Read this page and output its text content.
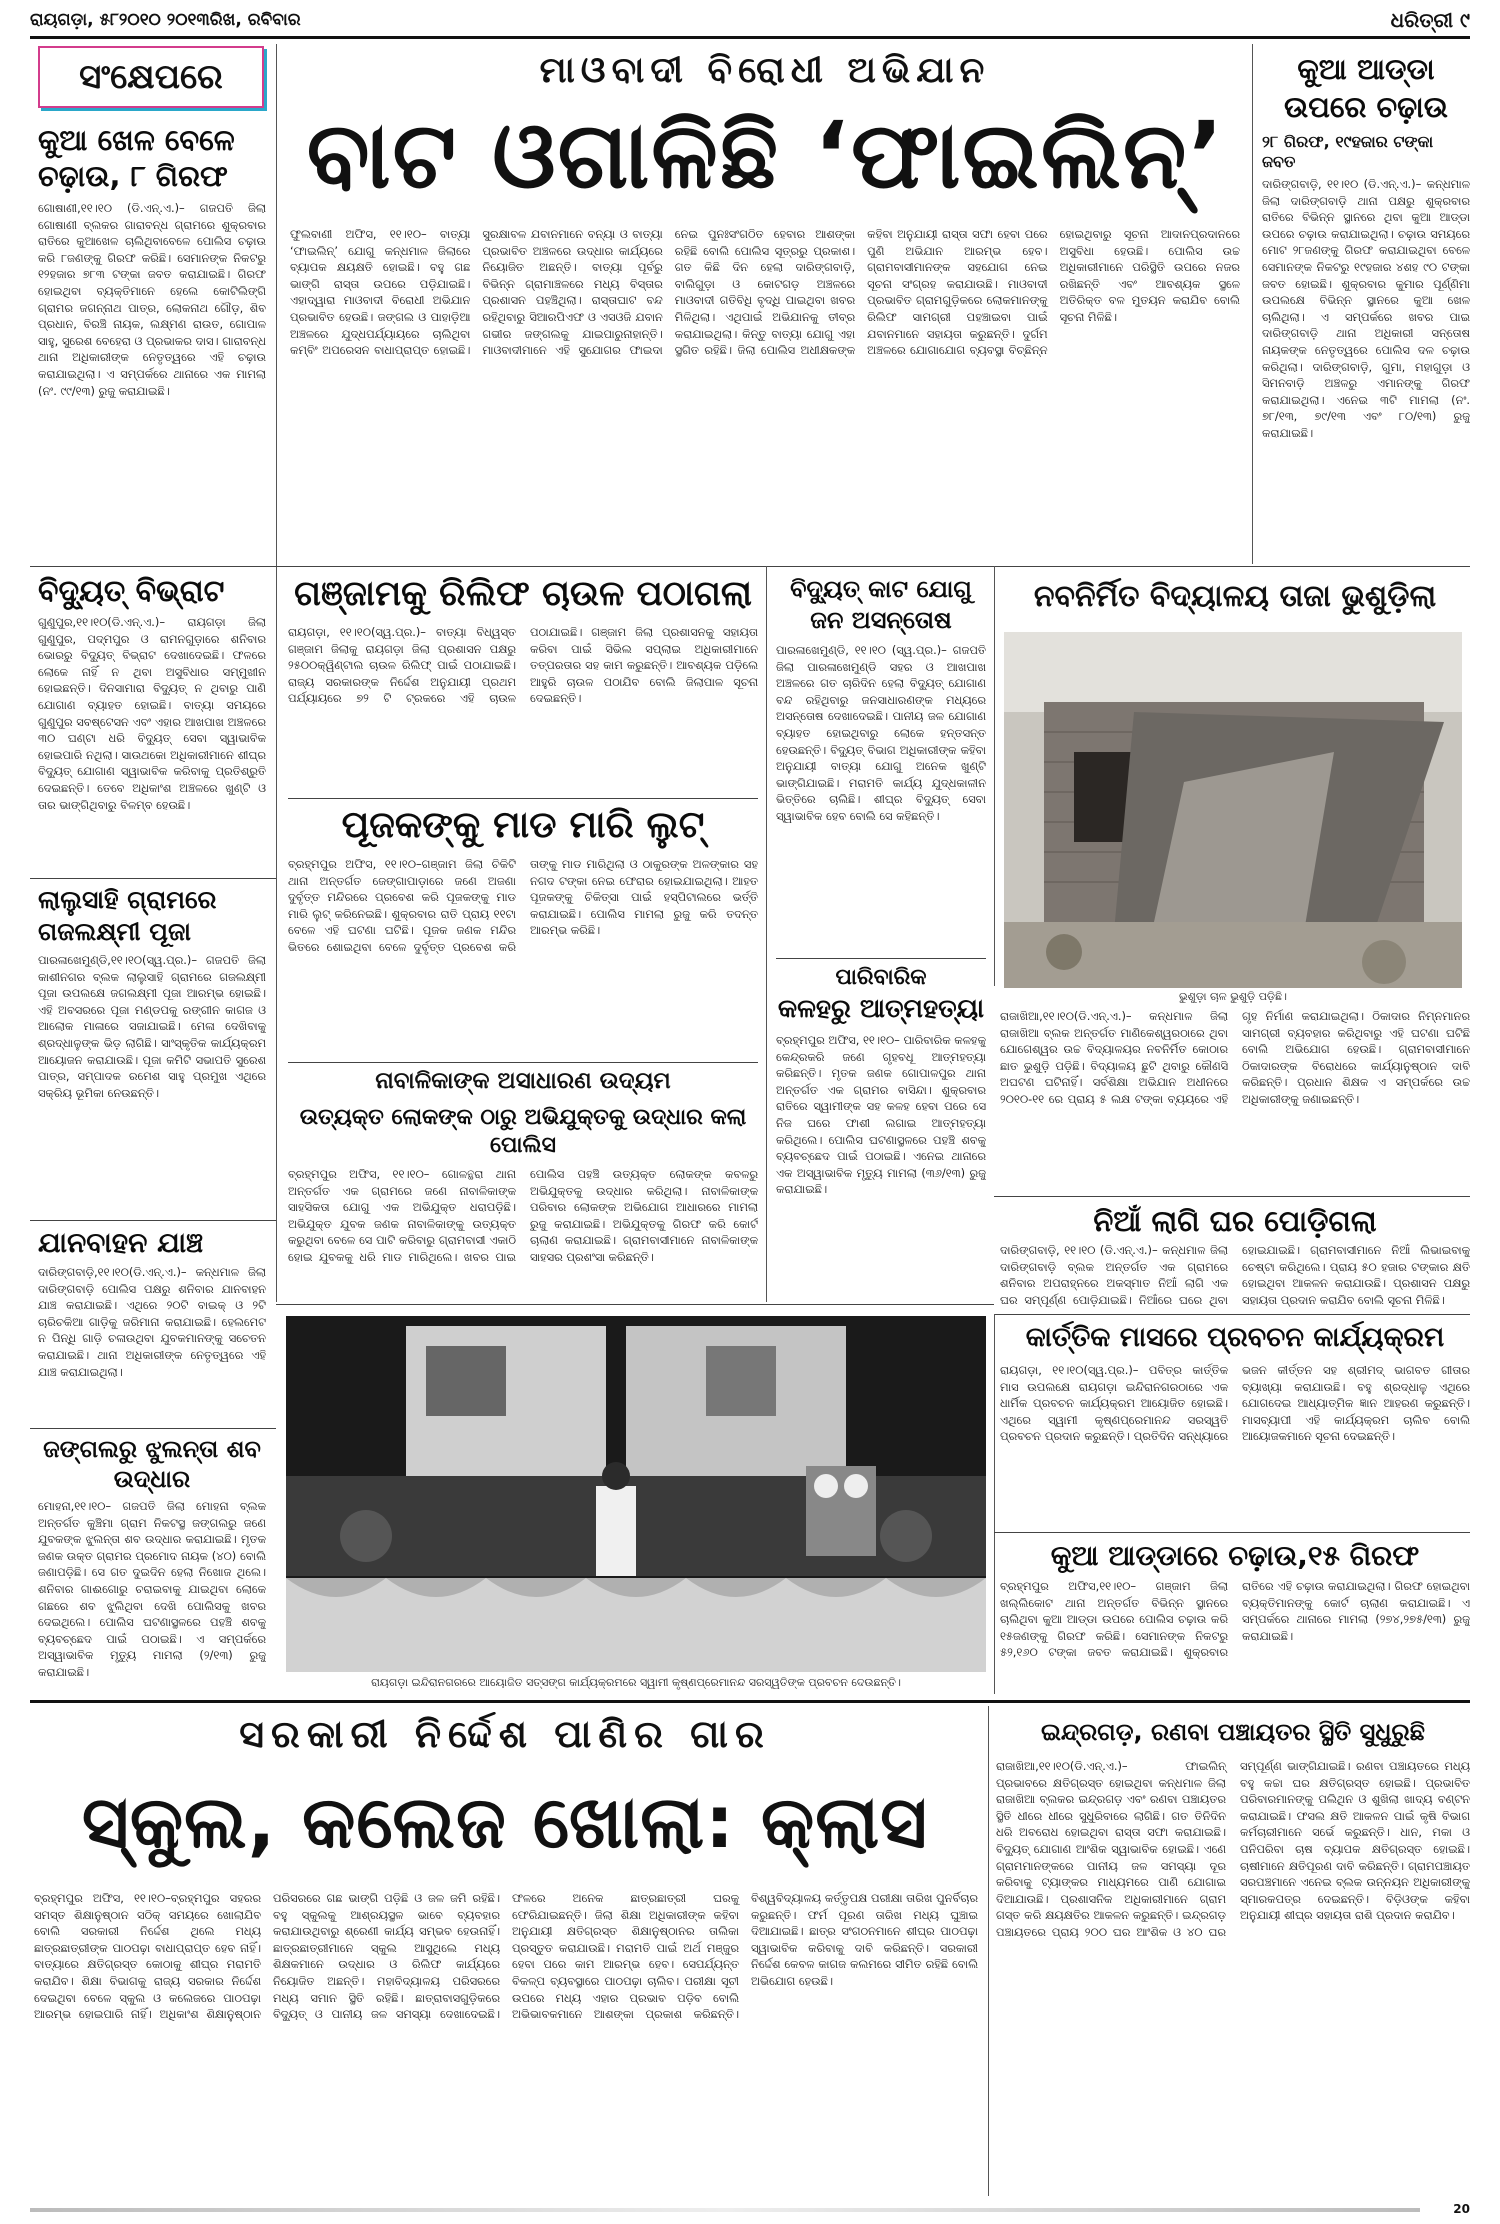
ରାୟଗଡ଼ା, ୫୮୨୦୧୦ ୨୦୧୩ରିଖ, ରବିବାର	ଧରିତ୍ରୀ ୯
ସଂକ୍ଷେପରେ
କୁଆ ଖେଳ ବେଳେ ଚଢ଼ାଉ, ୮ ଗିରଫ

ଗୋଷାଣୀ,୧୧।୧୦ (ଡି.ଏନ୍.ଏ.)– ଗଜପତି ଜିଲା ଗୋଷାଣୀ ବ୍ଲକର ଗାରାବନ୍ଧ ଗ୍ରାମରେ ଶୁକ୍ରବାର ରାତିରେ କୁଆଖେଳ ଚାଲିଥିବାବେଳେ ପୋଲିସ ଚଢ଼ାଉ କରି ୮ଜଣଙ୍କୁ ଗିରଫ କରିଛି। ସେମାନଙ୍କ ନିକଟରୁ ୧୨ହଜାର ୭୮୩ ଟଙ୍କା ଜବତ କରାଯାଇଛି। ଗିରଫ ହୋଇଥିବା ବ୍ୟକ୍ତିମାନେ ହେଲେ କୋଟିଲିଙ୍ଗି ଗ୍ରାମର ଜଗନ୍ନାଥ ପାତ୍ର, ଲୋକନାଥ ଗୌଡ଼, ଶିବ ପ୍ରଧାନ, ବିରଞ୍ଚି ନାୟକ, ଲକ୍ଷ୍ମଣ ରାଉତ, ଗୋପାଳ ସାହୁ, ସୁରେଶ ବେହେରା ଓ ପ୍ରଭାକର ଦାସ। ଗାରାବନ୍ଧ ଥାନା ଅଧିକାରୀଙ୍କ ନେତୃତ୍ୱରେ ଏହି ଚଢ଼ାଉ କରାଯାଇଥିଲା। ଏ ସମ୍ପର୍କରେ ଥାନାରେ ଏକ ମାମଲା (ନଂ. ୯୯/୧୩) ରୁଜୁ କରାଯାଇଛି।

ମାଓବାଦୀ ବିରୋଧୀ ଅଭିଯାନ
ବାଟ ଓଗାଳିଛି ‘ଫାଇଲିନ୍’

ଫୁଲବାଣୀ ଅଫିସ, ୧୧।୧୦– ବାତ୍ୟା ‘ଫାଇଲିନ୍’ ଯୋଗୁ କନ୍ଧମାଳ ଜିଲାରେ ବ୍ୟାପକ କ୍ଷୟକ୍ଷତି ହୋଇଛି। ବହୁ ଗଛ ଭାଙ୍ଗି ରାସ୍ତା ଉପରେ ପଡ଼ିଯାଇଛି। ଏହାଦ୍ୱାରା ମାଓବାଦୀ ବିରୋଧୀ ଅଭିଯାନ ପ୍ରଭାବିତ ହେଉଛି। ଜଙ୍ଗଲ ଓ ପାହାଡ଼ିଆ ଅଞ୍ଚଳରେ ଯୁଦ୍ଧପର୍ଯ୍ୟାୟରେ ଚାଲିଥିବା କମ୍ବିଂ ଅପରେସନ ବାଧାପ୍ରାପ୍ତ ହୋଇଛି। ସୁରକ୍ଷାବଳ ଯବାନମାନେ ବନ୍ୟା ଓ ବାତ୍ୟା ପ୍ରଭାବିତ ଅଞ୍ଚଳରେ ଉଦ୍ଧାର କାର୍ଯ୍ୟରେ ନିୟୋଜିତ ଅଛନ୍ତି। ବାତ୍ୟା ପୂର୍ବରୁ ବିଭିନ୍ନ ଗ୍ରାମାଞ୍ଚଳରେ ମଧ୍ୟ ବିସ୍ତାର ପ୍ରଶାସନ ପହଞ୍ଚିଥିଲା। ରାସ୍ତାଘାଟ ବନ୍ଦ ରହିଥିବାରୁ ସିଆରପିଏଫ ଓ ଏସଓଜି ଯବାନ ଗଭୀର ଜଙ୍ଗଲକୁ ଯାଇପାରୁନାହାନ୍ତି। ମାଓବାଦୀମାନେ ଏହି ସୁଯୋଗର ଫାଇଦା ନେଇ ପୁନଃସଂଗଠିତ ହେବାର ଆଶଙ୍କା ରହିଛି ବୋଲି ପୋଲିସ ସୂତ୍ରରୁ ପ୍ରକାଶ। ଗତ କିଛି ଦିନ ହେଲା ଦାରିଙ୍ଗବାଡ଼ି, ବାଲିଗୁଡ଼ା ଓ କୋଟଗଡ଼ ଅଞ୍ଚଳରେ ମାଓବାଦୀ ଗତିବିଧି ବୃଦ୍ଧି ପାଇଥିବା ଖବର ମିଳିଥିଲା। ଏଥିପାଇଁ ଅଭିଯାନକୁ ତୀବ୍ର କରାଯାଇଥିଲା। କିନ୍ତୁ ବାତ୍ୟା ଯୋଗୁ ଏହା ସ୍ଥଗିତ ରହିଛି। ଜିଲା ପୋଲିସ ଅଧୀକ୍ଷକଙ୍କ କହିବା ଅନୁଯାୟୀ ରାସ୍ତା ସଫା ହେବା ପରେ ପୁଣି ଅଭିଯାନ ଆରମ୍ଭ ହେବ। ଗ୍ରାମବାସୀମାନଙ୍କ ସହଯୋଗ ନେଇ ସୂଚନା ସଂଗ୍ରହ କରାଯାଉଛି। ମାଓବାଦୀ ପ୍ରଭାବିତ ଗ୍ରାମଗୁଡ଼ିକରେ ଲୋକମାନଙ୍କୁ ରିଲିଫ ସାମଗ୍ରୀ ପହଞ୍ଚାଇବା ପାଇଁ ଯବାନମାନେ ସହାୟତା କରୁଛନ୍ତି। ଦୁର୍ଗମ ଅଞ୍ଚଳରେ ଯୋଗାଯୋଗ ବ୍ୟବସ୍ଥା ବିଚ୍ଛିନ୍ନ ହୋଇଥିବାରୁ ସୂଚନା ଆଦାନପ୍ରଦାନରେ ଅସୁବିଧା ହେଉଛି। ପୋଲିସ ଉଚ୍ଚ ଅଧିକାରୀମାନେ ପରିସ୍ଥିତି ଉପରେ ନଜର ରଖିଛନ୍ତି ଏବଂ ଆବଶ୍ୟକ ସ୍ଥଳେ ଅତିରିକ୍ତ ବଳ ମୁତୟନ କରାଯିବ ବୋଲି ସୂଚନା ମିଳିଛି।

କୁଆ ଆଡ୍ଡା ଉପରେ ଚଢ଼ାଉ
୨୮ ଗିରଫ, ୧୯ହଜାର ଟଙ୍କା ଜବତ

ଦାରିଙ୍ଗବାଡ଼ି, ୧୧।୧୦ (ଡି.ଏନ୍.ଏ.)– କନ୍ଧମାଳ ଜିଲା ଦାରିଙ୍ଗବାଡ଼ି ଥାନା ପକ୍ଷରୁ ଶୁକ୍ରବାର ରାତିରେ ବିଭିନ୍ନ ସ୍ଥାନରେ ଥିବା କୁଆ ଆଡ୍ଡା ଉପରେ ଚଢ଼ାଉ କରାଯାଇଥିଲା। ଚଢ଼ାଉ ସମୟରେ ମୋଟ ୨୮ଜଣଙ୍କୁ ଗିରଫ କରାଯାଇଥିବା ବେଳେ ସେମାନଙ୍କ ନିକଟରୁ ୧୯ହଜାର ୪ଶହ ୯୦ ଟଙ୍କା ଜବତ ହୋଇଛି। ଶୁକ୍ରବାର କୁମାର ପୂର୍ଣ୍ଣିମା ଉପଲକ୍ଷେ ବିଭିନ୍ନ ସ୍ଥାନରେ କୁଆ ଖେଳ ଚାଲିଥିଲା। ଏ ସମ୍ପର୍କରେ ଖବର ପାଇ ଦାରିଙ୍ଗବାଡ଼ି ଥାନା ଅଧିକାରୀ ସନ୍ତୋଷ ନାୟକଙ୍କ ନେତୃତ୍ୱରେ ପୋଲିସ ଦଳ ଚଢ଼ାଉ କରିଥିଲା। ଦାରିଙ୍ଗବାଡ଼ି, ଗୁମା, ମହାଗୁଡ଼ା ଓ ସିମନବାଡ଼ି ଅଞ୍ଚଳରୁ ଏମାନଙ୍କୁ ଗିରଫ କରାଯାଇଥିଲା। ଏନେଇ ୩ଟି ମାମଲା (ନଂ. ୭୮/୧୩, ୭୯/୧୩ ଏବଂ ୮୦/୧୩) ରୁଜୁ କରାଯାଇଛି।

ବିଦ୍ୟୁତ୍ ବିଭ୍ରାଟ

ଗୁଣୁପୁର,୧୧।୧୦(ଡି.ଏନ୍.ଏ.)– ରାୟଗଡ଼ା ଜିଲା ଗୁଣୁପୁର, ପଦ୍ମପୁର ଓ ରାମନଗୁଡ଼ାରେ ଶନିବାର ଭୋରରୁ ବିଦ୍ୟୁତ୍ ବିଭ୍ରାଟ ଦେଖାଦେଇଛି। ଫଳରେ ଲୋକେ ନାହିଁ ନ ଥିବା ଅସୁବିଧାର ସମ୍ମୁଖୀନ ହୋଇଛନ୍ତି। ଦିନସାମାରା ବିଦ୍ୟୁତ୍ ନ ଥିବାରୁ ପାଣି ଯୋଗାଣ ବ୍ୟାହତ ହୋଇଛି। ବାତ୍ୟା ସମୟରେ ଗୁଣୁପୁର ସବଷ୍ଟେସନ ଏବଂ ଏହାର ଆଖପାଖ ଅଞ୍ଚଳରେ ୩୦ ଘଣ୍ଟା ଧରି ବିଦ୍ୟୁତ୍ ସେବା ସ୍ୱାଭାବିକ ହୋଇପାରି ନଥିଲା। ସାଉଥକୋ ଅଧିକାରୀମାନେ ଶୀଘ୍ର ବିଦ୍ୟୁତ୍ ଯୋଗାଣ ସ୍ୱାଭାବିକ କରିବାକୁ ପ୍ରତିଶ୍ରୁତି ଦେଇଛନ୍ତି। ତେବେ ଅଧିକାଂଶ ଅଞ୍ଚଳରେ ଖୁଣ୍ଟି ଓ ତାର ଭାଙ୍ଗିଥିବାରୁ ବିଳମ୍ବ ହେଉଛି।

ଲାଲୁସାହି ଗ୍ରାମରେ ଗଜଲକ୍ଷ୍ମୀ ପୂଜା

ପାରଳାଖେମୁଣ୍ଡି,୧୧।୧୦(ସ୍ୱ.ପ୍ର.)– ଗଜପତି ଜିଲା କାଶୀନଗର ବ୍ଲକ ଲାଲୁସାହି ଗ୍ରାମରେ ଗଜଲକ୍ଷ୍ମୀ ପୂଜା ଉପଲକ୍ଷେ ଜଗଲକ୍ଷ୍ମୀ ପୂଜା ଆରମ୍ଭ ହୋଇଛି। ଏହି ଅବସରରେ ପୂଜା ମଣ୍ଡପକୁ ରଙ୍ଗୀନ କାଗଜ ଓ ଆଲୋକ ମାଳାରେ ସଜାଯାଇଛି। ମେଳା ଦେଖିବାକୁ ଶ୍ରଦ୍ଧାଳୁଙ୍କ ଭିଡ଼ ଲାଗିଛି। ସାଂସ୍କୃତିକ କାର୍ଯ୍ୟକ୍ରମ ଆୟୋଜନ କରାଯାଉଛି। ପୂଜା କମିଟି ସଭାପତି ସୁରେଶ ପାତ୍ର, ସମ୍ପାଦକ ରମେଶ ସାହୁ ପ୍ରମୁଖ ଏଥିରେ ସକ୍ରିୟ ଭୂମିକା ନେଉଛନ୍ତି।

ଯାନବାହନ ଯାଞ୍ଚ

ଦାରିଙ୍ଗବାଡ଼ି,୧୧।୧୦(ଡି.ଏନ୍.ଏ.)– କନ୍ଧମାଳ ଜିଲା ଦାରିଙ୍ଗବାଡ଼ି ପୋଲିସ ପକ୍ଷରୁ ଶନିବାର ଯାନବାହନ ଯାଞ୍ଚ କରାଯାଇଛି। ଏଥିରେ ୨୦ଟି ବାଇକ୍ ଓ ୨ଟି ଚାରିଚକିଆ ଗାଡ଼ିକୁ ଜରିମାନା କରାଯାଇଛି। ହେଲମେଟ ନ ପିନ୍ଧି ଗାଡ଼ି ଚଳାଉଥିବା ଯୁବକମାନଙ୍କୁ ସଚେତନ କରାଯାଇଛି। ଥାନା ଅଧିକାରୀଙ୍କ ନେତୃତ୍ୱରେ ଏହି ଯାଞ୍ଚ କରାଯାଇଥିଲା।

ଜଙ୍ଗଲରୁ ଝୁଲନ୍ତା ଶବ ଉଦ୍ଧାର

ମୋହନା,୧୧।୧୦– ଗଜପତି ଜିଲା ମୋହନା ବ୍ଲକ ଅନ୍ତର୍ଗତ କୁଞ୍ଚିମା ଗ୍ରାମ ନିକଟସ୍ଥ ଜଙ୍ଗଲରୁ ଜଣେ ଯୁବକଙ୍କ ଝୁଲନ୍ତା ଶବ ଉଦ୍ଧାର କରାଯାଇଛି। ମୃତକ ଜଣକ ଉକ୍ତ ଗ୍ରାମର ପ୍ରମୋଦ ନାୟକ (୪୦) ବୋଲି ଜଣାପଡ଼ିଛି। ସେ ଗତ ଦୁଇଦିନ ହେଲା ନିଖୋଜ ଥିଲେ। ଶନିବାର ଗାଈଗୋରୁ ଚରାଇବାକୁ ଯାଇଥିବା ଲୋକେ ଗଛରେ ଶବ ଝୁଲିଥିବା ଦେଖି ପୋଲିସକୁ ଖବର ଦେଇଥିଲେ। ପୋଲିସ ଘଟଣାସ୍ଥଳରେ ପହଞ୍ଚି ଶବକୁ ବ୍ୟବଚ୍ଛେଦ ପାଇଁ ପଠାଇଛି। ଏ ସମ୍ପର୍କରେ ଅସ୍ୱାଭାବିକ ମୃତ୍ୟୁ ମାମଲା (୨/୧୩) ରୁଜୁ କରାଯାଇଛି।

ଗଞ୍ଜାମକୁ ରିଲିଫ ଚାଉଳ ପଠାଗଲା

ରାୟଗଡ଼ା, ୧୧।୧୦(ସ୍ୱ.ପ୍ର.)– ବାତ୍ୟା ବିଧ୍ୱସ୍ତ ଗଞ୍ଜାମ ଜିଲାକୁ ରାୟଗଡ଼ା ଜିଲା ପ୍ରଶାସନ ପକ୍ଷରୁ ୨୫୦୦କ୍ୱିଣ୍ଟାଲ ଚାଉଳ ରିଲିଫ୍ ପାଇଁ ପଠାଯାଇଛି। ରାଜ୍ୟ ସରକାରଙ୍କ ନିର୍ଦ୍ଦେଶ ଅନୁଯାୟୀ ପ୍ରଥମ ପର୍ଯ୍ୟାୟରେ ୭୨ ଟି ଟ୍ରକରେ ଏହି ଚାଉଳ ପଠାଯାଇଛି। ଗଞ୍ଜାମ ଜିଲା ପ୍ରଶାସନକୁ ସହାୟତା କରିବା ପାଇଁ ସିଭିଲ ସପ୍ଲାଇ ଅଧିକାରୀମାନେ ତତ୍ପରତାର ସହ କାମ କରୁଛନ୍ତି। ଆବଶ୍ୟକ ପଡ଼ିଲେ ଆହୁରି ଚାଉଳ ପଠାଯିବ ବୋଲି ଜିଲାପାଳ ସୂଚନା ଦେଇଛନ୍ତି।

ପୂଜକଙ୍କୁ ମାଡ ମାରି ଲୁଟ୍

ବ୍ରହ୍ମପୁର ଅଫିସ, ୧୧।୧୦–ଗଞ୍ଜାମ ଜିଲା ଚିକିଟି ଥାନା ଅନ୍ତର୍ଗତ ଜେଙ୍ଗାପାଡ଼ାରେ ଜଣେ ଅଜଣା ଦୁର୍ବୃତ୍ତ ମନ୍ଦିରରେ ପ୍ରବେଶ କରି ପୂଜକଙ୍କୁ ମାଡ ମାରି ଲୁଟ୍ କରିନେଇଛି। ଶୁକ୍ରବାର ରାତି ପ୍ରାୟ ୧୧ଟା ବେଳେ ଏହି ଘଟଣା ଘଟିଛି। ପୂଜକ ଜଣକ ମନ୍ଦିର ଭିତରେ ଶୋଇଥିବା ବେଳେ ଦୁର୍ବୃତ୍ତ ପ୍ରବେଶ କରି ତାଙ୍କୁ ମାଡ ମାରିଥିଲା ଓ ଠାକୁରଙ୍କ ଅଳଙ୍କାର ସହ ନଗଦ ଟଙ୍କା ନେଇ ଫେରାର ହୋଇଯାଇଥିଲା। ଆହତ ପୂଜକଙ୍କୁ ଚିକିତ୍ସା ପାଇଁ ହସ୍ପିଟାଲରେ ଭର୍ତ୍ତି କରାଯାଇଛି। ପୋଲିସ ମାମଲା ରୁଜୁ କରି ତଦନ୍ତ ଆରମ୍ଭ କରିଛି।

ନାବାଳିକାଙ୍କ ଅସାଧାରଣ ଉଦ୍ୟମ
ଉତ୍ୟକ୍ତ ଲୋକଙ୍କ ଠାରୁ ଅଭିଯୁକ୍ତକୁ ଉଦ୍ଧାର କଲା ପୋଲିସ

ବ୍ରହ୍ମପୁର ଅଫିସ, ୧୧।୧୦– ଗୋଳନ୍ଥରା ଥାନା ଅନ୍ତର୍ଗତ ଏକ ଗ୍ରାମରେ ଜଣେ ନାବାଳିକାଙ୍କ ସାହସିକତା ଯୋଗୁ ଏକ ଅଭିଯୁକ୍ତ ଧରାପଡ଼ିଛି। ଅଭିଯୁକ୍ତ ଯୁବକ ଜଣକ ନାବାଳିକାଙ୍କୁ ଉତ୍ୟକ୍ତ କରୁଥିବା ବେଳେ ସେ ପାଟି କରିବାରୁ ଗ୍ରାମବାସୀ ଏକାଠି ହୋଇ ଯୁବକକୁ ଧରି ମାଡ ମାରିଥିଲେ। ଖବର ପାଇ ପୋଲିସ ପହଞ୍ଚି ଉତ୍ୟକ୍ତ ଲୋକଙ୍କ କବଳରୁ ଅଭିଯୁକ୍ତକୁ ଉଦ୍ଧାର କରିଥିଲା। ନାବାଳିକାଙ୍କ ପରିବାର ଲୋକଙ୍କ ଅଭିଯୋଗ ଆଧାରରେ ମାମଲା ରୁଜୁ କରାଯାଇଛି। ଅଭିଯୁକ୍ତକୁ ଗିରଫ କରି କୋର୍ଟ ଚାଲାଣ କରାଯାଇଛି। ଗ୍ରାମବାସୀମାନେ ନାବାଳିକାଙ୍କ ସାହସର ପ୍ରଶଂସା କରିଛନ୍ତି।

ବିଦ୍ୟୁତ୍ କାଟ ଯୋଗୁ ଜନ ଅସନ୍ତୋଷ

ପାରଳାଖେମୁଣ୍ଡି, ୧୧।୧୦ (ସ୍ୱ.ପ୍ର.)– ଗଜପତି ଜିଲା ପାରଳାଖେମୁଣ୍ଡି ସହର ଓ ଆଖପାଖ ଅଞ୍ଚଳରେ ଗତ ଚାରିଦିନ ହେଲା ବିଦ୍ୟୁତ୍ ଯୋଗାଣ ବନ୍ଦ ରହିଥିବାରୁ ଜନସାଧାରଣଙ୍କ ମଧ୍ୟରେ ଅସନ୍ତୋଷ ଦେଖାଦେଇଛି। ପାନୀୟ ଜଳ ଯୋଗାଣ ବ୍ୟାହତ ହୋଇଥିବାରୁ ଲୋକେ ହନ୍ତସନ୍ତ ହେଉଛନ୍ତି। ବିଦ୍ୟୁତ୍ ବିଭାଗ ଅଧିକାରୀଙ୍କ କହିବା ଅନୁଯାୟୀ ବାତ୍ୟା ଯୋଗୁ ଅନେକ ଖୁଣ୍ଟି ଭାଙ୍ଗିଯାଇଛି। ମରାମତି କାର୍ଯ୍ୟ ଯୁଦ୍ଧକାଳୀନ ଭିତ୍ତିରେ ଚାଲିଛି। ଶୀଘ୍ର ବିଦ୍ୟୁତ୍ ସେବା ସ୍ୱାଭାବିକ ହେବ ବୋଲି ସେ କହିଛନ୍ତି।

ପାରିବାରିକ
କଳହରୁ ଆତ୍ମହତ୍ୟା

ବ୍ରହ୍ମପୁର ଅଫିସ, ୧୧।୧୦– ପାରିବାରିକ କଳହକୁ କେନ୍ଦ୍ରକରି ଜଣେ ଗୃହବଧୂ ଆତ୍ମହତ୍ୟା କରିଛନ୍ତି। ମୃତକ ଜଣକ ଗୋପାଳପୁର ଥାନା ଅନ୍ତର୍ଗତ ଏକ ଗ୍ରାମର ବାସିନ୍ଦା। ଶୁକ୍ରବାର ରାତିରେ ସ୍ୱାମୀଙ୍କ ସହ କଳହ ହେବା ପରେ ସେ ନିଜ ଘରେ ଫାଶୀ ଲଗାଇ ଆତ୍ମହତ୍ୟା କରିଥିଲେ। ପୋଲିସ ଘଟଣାସ୍ଥଳରେ ପହଞ୍ଚି ଶବକୁ ବ୍ୟବଚ୍ଛେଦ ପାଇଁ ପଠାଇଛି। ଏନେଇ ଥାନାରେ ଏକ ଅସ୍ୱାଭାବିକ ମୃତ୍ୟୁ ମାମଲା (୩୬/୧୩) ରୁଜୁ କରାଯାଇଛି।

ନବନିର୍ମିତ ବିଦ୍ୟାଳୟ ତାଜା ଭୁଶୁଡ଼ିଲା
ଭୁଶୁଡ଼ା ଚାଳ ଭୁଶୁଡ଼ି ପଡ଼ିଛି।

ରାଜାଖିଆ,୧୧।୧୦(ଡି.ଏନ୍.ଏ.)– କନ୍ଧମାଳ ଜିଲା ରାଜାଖିଆ ବ୍ଲକ ଅନ୍ତର୍ଗତ ମାଣିକେଶ୍ୱରଠାରେ ଥିବା ଯୋଗେଶ୍ୱର ଉଚ୍ଚ ବିଦ୍ୟାଳୟର ନବନିର୍ମିତ କୋଠାର ଛାତ ଭୁଶୁଡ଼ି ପଡ଼ିଛି। ବିଦ୍ୟାଳୟ ଛୁଟି ଥିବାରୁ କୌଣସି ଅଘଟଣ ଘଟିନାହିଁ। ସର୍ବଶିକ୍ଷା ଅଭିଯାନ ଅଧୀନରେ ୨୦୧୦-୧୧ ରେ ପ୍ରାୟ ୫ ଲକ୍ଷ ଟଙ୍କା ବ୍ୟୟରେ ଏହି ଗୃହ ନିର୍ମାଣ କରାଯାଇଥିଲା। ଠିକାଦାର ନିମ୍ନମାନର ସାମଗ୍ରୀ ବ୍ୟବହାର କରିଥିବାରୁ ଏହି ଘଟଣା ଘଟିଛି ବୋଲି ଅଭିଯୋଗ ହେଉଛି। ଗ୍ରାମବାସୀମାନେ ଠିକାଦାରଙ୍କ ବିରୋଧରେ କାର୍ଯ୍ୟାନୁଷ୍ଠାନ ଦାବି କରିଛନ୍ତି। ପ୍ରଧାନ ଶିକ୍ଷକ ଏ ସମ୍ପର୍କରେ ଉଚ୍ଚ ଅଧିକାରୀଙ୍କୁ ଜଣାଇଛନ୍ତି।

ନିଆଁ ଲାଗି ଘର ପୋଡ଼ିଗଲା

ଦାରିଙ୍ଗବାଡ଼ି, ୧୧।୧୦ (ଡି.ଏନ୍.ଏ.)– କନ୍ଧମାଳ ଜିଲା ଦାରିଙ୍ଗବାଡ଼ି ବ୍ଲକ ଅନ୍ତର୍ଗତ ଏକ ଗ୍ରାମରେ ଶନିବାର ଅପରାହ୍ନରେ ଅକସ୍ମାତ ନିଆଁ ଲାଗି ଏକ ଘର ସମ୍ପୂର୍ଣ୍ଣ ପୋଡ଼ିଯାଇଛି। ନିଆଁରେ ଘରେ ଥିବା ହୋଇଯାଇଛି। ଗ୍ରାମବାସୀମାନେ ନିଆଁ ଲିଭାଇବାକୁ ଚେଷ୍ଟା କରିଥିଲେ। ପ୍ରାୟ ୫୦ ହଜାର ଟଙ୍କାର କ୍ଷତି ହୋଇଥିବା ଆକଳନ କରାଯାଉଛି। ପ୍ରଶାସନ ପକ୍ଷରୁ ସହାୟତା ପ୍ରଦାନ କରାଯିବ ବୋଲି ସୂଚନା ମିଳିଛି।

ରାୟଗଡ଼ା ଇନ୍ଦିରାନଗରରେ ଆୟୋଜିତ ସତ୍ସଙ୍ଗ କାର୍ଯ୍ୟକ୍ରମରେ ସ୍ୱାମୀ କୃଷ୍ଣପ୍ରେମାନନ୍ଦ ସରସ୍ୱତିଙ୍କ ପ୍ରବଚନ ଦେଉଛନ୍ତି।
କାର୍ତ୍ତିକ ମାସରେ ପ୍ରବଚନ କାର୍ଯ୍ୟକ୍ରମ

ରାୟଗଡ଼ା, ୧୧।୧୦(ସ୍ୱ.ପ୍ର.)– ପବିତ୍ର କାର୍ତ୍ତିକ ମାସ ଉପଲକ୍ଷେ ରାୟଗଡ଼ା ଇନ୍ଦିରାନଗରଠାରେ ଏକ ଧାର୍ମିକ ପ୍ରବଚନ କାର୍ଯ୍ୟକ୍ରମ ଆୟୋଜିତ ହୋଇଛି। ଏଥିରେ ସ୍ୱାମୀ କୃଷ୍ଣପ୍ରେମାନନ୍ଦ ସରସ୍ୱତି ପ୍ରବଚନ ପ୍ରଦାନ କରୁଛନ୍ତି। ପ୍ରତିଦିନ ସନ୍ଧ୍ୟାରେ ଭଜନ କୀର୍ତ୍ତନ ସହ ଶ୍ରୀମଦ୍ ଭାଗବତ ଗୀତାର ବ୍ୟାଖ୍ୟା କରାଯାଉଛି। ବହୁ ଶ୍ରଦ୍ଧାଳୁ ଏଥିରେ ଯୋଗଦେଇ ଆଧ୍ୟାତ୍ମିକ ଜ୍ଞାନ ଆହରଣ କରୁଛନ୍ତି। ମାସବ୍ୟାପୀ ଏହି କାର୍ଯ୍ୟକ୍ରମ ଚାଲିବ ବୋଲି ଆୟୋଜକମାନେ ସୂଚନା ଦେଇଛନ୍ତି।

କୁଆ ଆଡ୍ଡାରେ ଚଢ଼ାଉ,୧୫ ଗିରଫ

ବ୍ରହ୍ମପୁର ଅଫିସ,୧୧।୧୦– ଗଞ୍ଜାମ ଜିଲା ଖଲ୍ଲିକୋଟ ଥାନା ଅନ୍ତର୍ଗତ ବିଭିନ୍ନ ସ୍ଥାନରେ ଚାଲିଥିବା କୁଆ ଆଡ୍ଡା ଉପରେ ପୋଲିସ ଚଢ଼ାଉ କରି ୧୫ଜଣଙ୍କୁ ଗିରଫ କରିଛି। ସେମାନଙ୍କ ନିକଟରୁ ୫୨,୧୬୦ ଟଙ୍କା ଜବତ କରାଯାଇଛି। ଶୁକ୍ରବାର ରାତିରେ ଏହି ଚଢ଼ାଉ କରାଯାଇଥିଲା। ଗିରଫ ହୋଇଥିବା ବ୍ୟକ୍ତିମାନଙ୍କୁ କୋର୍ଟ ଚାଲାଣ କରାଯାଇଛି। ଏ ସମ୍ପର୍କରେ ଥାନାରେ ମାମଲା (୨୭୪,୨୭୫/୧୩) ରୁଜୁ କରାଯାଇଛି।

ସରକାରୀ ନିର୍ଦ୍ଦେଶ ପାଣିର ଗାର
ସ୍କୁଲ, କଲେଜ ଖୋଲା: କ୍ଲାସ

ବ୍ରହ୍ମପୁର ଅଫିସ, ୧୧।୧୦–ବ୍ରହ୍ମପୁର ସହରର ସମସ୍ତ ଶିକ୍ଷାନୁଷ୍ଠାନ ସଠିକ୍ ସମୟରେ ଖୋଲାଯିବ ବୋଲି ସରକାରୀ ନିର୍ଦ୍ଦେଶ ଥିଲେ ମଧ୍ୟ ଛାତ୍ରଛାତ୍ରୀଙ୍କ ପାଠପଢ଼ା ବାଧାପ୍ରାପ୍ତ ହେବ ନାହିଁ। ବାତ୍ୟାରେ କ୍ଷତିଗ୍ରସ୍ତ କୋଠାକୁ ଶୀଘ୍ର ମରାମତି କରାଯିବ। ଶିକ୍ଷା ବିଭାଗକୁ ରାଜ୍ୟ ସରକାର ନିର୍ଦ୍ଦେଶ ଦେଇଥିବା ବେଳେ ସ୍କୁଲ ଓ କଲେଜରେ ପାଠପଢ଼ା ଆରମ୍ଭ ହୋଇପାରି ନାହିଁ। ଅଧିକାଂଶ ଶିକ୍ଷାନୁଷ୍ଠାନ ପରିସରରେ ଗଛ ଭାଙ୍ଗି ପଡ଼ିଛି ଓ ଜଳ ଜମି ରହିଛି। ବହୁ ସ୍କୁଲକୁ ଆଶ୍ରୟସ୍ଥଳ ଭାବେ ବ୍ୟବହାର କରାଯାଉଥିବାରୁ ଶ୍ରେଣୀ କାର୍ଯ୍ୟ ସମ୍ଭବ ହେଉନାହିଁ। ଛାତ୍ରଛାତ୍ରୀମାନେ ସ୍କୁଲ ଆସୁଥିଲେ ମଧ୍ୟ ଶିକ୍ଷକମାନେ ଉଦ୍ଧାର ଓ ରିଲିଫ କାର୍ଯ୍ୟରେ ନିୟୋଜିତ ଅଛନ୍ତି। ମହାବିଦ୍ୟାଳୟ ପରିସରରେ ମଧ୍ୟ ସମାନ ସ୍ଥିତି ରହିଛି। ଛାତ୍ରାବାସଗୁଡ଼ିକରେ ବିଦ୍ୟୁତ୍ ଓ ପାନୀୟ ଜଳ ସମସ୍ୟା ଦେଖାଦେଇଛି। ଫଳରେ ଅନେକ ଛାତ୍ରଛାତ୍ରୀ ଘରକୁ ଫେରିଯାଇଛନ୍ତି। ଜିଲା ଶିକ୍ଷା ଅଧିକାରୀଙ୍କ କହିବା ଅନୁଯାୟୀ କ୍ଷତିଗ୍ରସ୍ତ ଶିକ୍ଷାନୁଷ୍ଠାନର ତାଲିକା ପ୍ରସ୍ତୁତ କରାଯାଉଛି। ମରାମତି ପାଇଁ ଅର୍ଥ ମଞ୍ଜୁର ହେବା ପରେ କାମ ଆରମ୍ଭ ହେବ। ସେପର୍ଯ୍ୟନ୍ତ ବିକଳ୍ପ ବ୍ୟବସ୍ଥାରେ ପାଠପଢ଼ା ଚାଲିବ। ପରୀକ୍ଷା ସୂଚୀ ଉପରେ ମଧ୍ୟ ଏହାର ପ୍ରଭାବ ପଡ଼ିବ ବୋଲି ଅଭିଭାବକମାନେ ଆଶଙ୍କା ପ୍ରକାଶ କରିଛନ୍ତି। ବିଶ୍ୱବିଦ୍ୟାଳୟ କର୍ତ୍ତୃପକ୍ଷ ପରୀକ୍ଷା ତାରିଖ ପୁନର୍ବିଚାର କରୁଛନ୍ତି। ଫର୍ମ ପୂରଣ ତାରିଖ ମଧ୍ୟ ଘୁଞ୍ଚାଇ ଦିଆଯାଇଛି। ଛାତ୍ର ସଂଗଠନମାନେ ଶୀଘ୍ର ପାଠପଢ଼ା ସ୍ୱାଭାବିକ କରିବାକୁ ଦାବି କରିଛନ୍ତି। ସରକାରୀ ନିର୍ଦ୍ଦେଶ କେବଳ କାଗଜ କଲମରେ ସୀମିତ ରହିଛି ବୋଲି ଅଭିଯୋଗ ହେଉଛି।

ଇନ୍ଦ୍ରଗଡ଼, ରଣବା ପଞ୍ଚାୟତର ସ୍ଥିତି ସୁଧୁରୁଛି

ରାଜାଖିଆ,୧୧।୧୦(ଡି.ଏନ୍.ଏ.)– ଫାଇଲିନ୍ ପ୍ରଭାବରେ କ୍ଷତିଗ୍ରସ୍ତ ହୋଇଥିବା କନ୍ଧମାଳ ଜିଲା ରାଜାଖିଆ ବ୍ଲକର ଇନ୍ଦ୍ରଗଡ଼ ଏବଂ ରଣବା ପଞ୍ଚାୟତର ସ୍ଥିତି ଧୀରେ ଧୀରେ ସୁଧୁରିବାରେ ଲାଗିଛି। ଗତ ତିନିଦିନ ଧରି ଅବରୋଧ ହୋଇଥିବା ରାସ୍ତା ସଫା କରାଯାଇଛି। ବିଦ୍ୟୁତ୍ ଯୋଗାଣ ଆଂଶିକ ସ୍ୱାଭାବିକ ହୋଇଛି। ଏଣେ ଗ୍ରାମମାନଙ୍କରେ ପାନୀୟ ଜଳ ସମସ୍ୟା ଦୂର କରିବାକୁ ଟ୍ୟାଙ୍କର ମାଧ୍ୟମରେ ପାଣି ଯୋଗାଇ ଦିଆଯାଉଛି। ପ୍ରଶାସନିକ ଅଧିକାରୀମାନେ ଗ୍ରାମ ଗସ୍ତ କରି କ୍ଷୟକ୍ଷତିର ଆକଳନ କରୁଛନ୍ତି। ଇନ୍ଦ୍ରଗଡ଼ ପଞ୍ଚାୟତରେ ପ୍ରାୟ ୨୦୦ ଘର ଆଂଶିକ ଓ ୪୦ ଘର ସମ୍ପୂର୍ଣ୍ଣ ଭାଙ୍ଗିଯାଇଛି। ରଣବା ପଞ୍ଚାୟତରେ ମଧ୍ୟ ବହୁ କଚ୍ଚା ଘର କ୍ଷତିଗ୍ରସ୍ତ ହୋଇଛି। ପ୍ରଭାବିତ ପରିବାରମାନଙ୍କୁ ପଲିଥିନ ଓ ଶୁଖିଲା ଖାଦ୍ୟ ବଣ୍ଟନ କରାଯାଇଛି। ଫସଲ କ୍ଷତି ଆକଳନ ପାଇଁ କୃଷି ବିଭାଗ କର୍ମଚାରୀମାନେ ସର୍ଭେ କରୁଛନ୍ତି। ଧାନ, ମକା ଓ ପନିପରିବା ଚାଷ ବ୍ୟାପକ କ୍ଷତିଗ୍ରସ୍ତ ହୋଇଛି। ଚାଷୀମାନେ କ୍ଷତିପୂରଣ ଦାବି କରିଛନ୍ତି। ଗ୍ରାମପଞ୍ଚାୟତ ସରପଞ୍ଚମାନେ ଏନେଇ ବ୍ଲକ ଉନ୍ନୟନ ଅଧିକାରୀଙ୍କୁ ସ୍ମାରକପତ୍ର ଦେଇଛନ୍ତି। ବିଡ଼ିଓଙ୍କ କହିବା ଅନୁଯାୟୀ ଶୀଘ୍ର ସହାୟତା ରାଶି ପ୍ରଦାନ କରାଯିବ।

20
